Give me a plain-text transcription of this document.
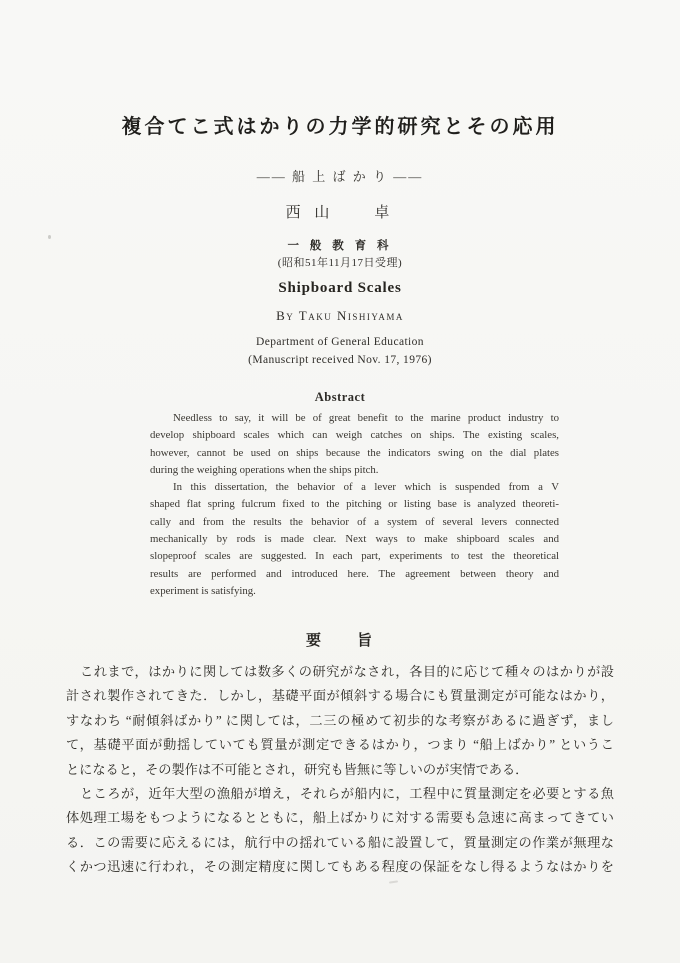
複合てこ式はかりの力学的研究とその応用
—— 船 上 ば か り ——
西 山　　卓
一 般 教 育 科
(昭和51年11月17日受理)
Shipboard Scales
By Taku Nishiyama
Department of General Education
(Manuscript received Nov. 17, 1976)
Abstract
Needless to say, it will be of great benefit to the marine product industry to
develop shipboard scales which can weigh catches on ships. The existing scales,
however, cannot be used on ships because the indicators swing on the dial plates
during the weighing operations when the ships pitch.
In this dissertation, the behavior of a lever which is suspended from a V
shaped flat spring fulcrum fixed to the pitching or listing base is analyzed theoreti-
cally and from the results the behavior of a system of several levers connected
mechanically by rods is made clear. Next ways to make shipboard scales and
slopeproof scales are suggested. In each part, experiments to test the theoretical
results are performed and introduced here. The agreement between theory and
experiment is satisfying.
要　　旨
これまで，はかりに関しては数多くの研究がなされ，各目的に応じて種々のはかりが設
計され製作されてきた．しかし，基礎平面が傾斜する場合にも質量測定が可能なはかり，
すなわち “耐傾斜ばかり” に関しては，二三の極めて初歩的な考察があるに過ぎず，まし
て，基礎平面が動揺していても質量が測定できるはかり，つまり “船上ばかり” というこ
とになると，その製作は不可能とされ，研究も皆無に等しいのが実情である．
ところが，近年大型の漁船が増え，それらが船内に，工程中に質量測定を必要とする魚
体処理工場をもつようになるとともに，船上ばかりに対する需要も急速に高まってきてい
る．この需要に応えるには，航行中の揺れている船に設置して，質量測定の作業が無理な
くかつ迅速に行われ，その測定精度に関してもある程度の保証をなし得るようなはかりを
